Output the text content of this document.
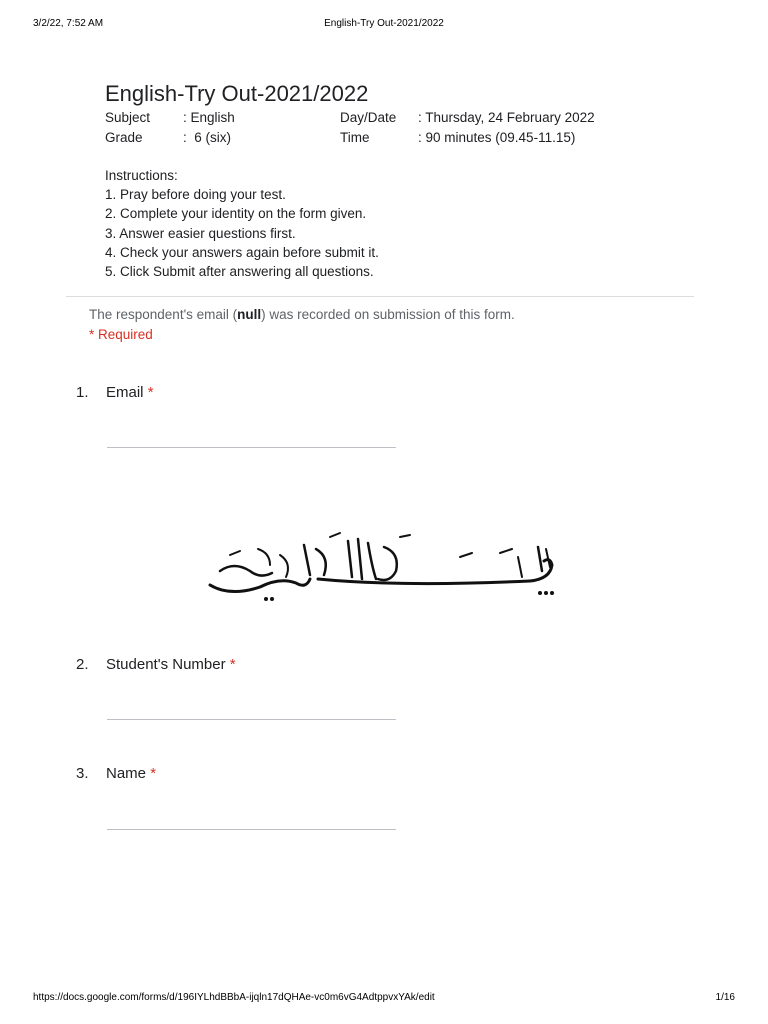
3/2/22, 7:52 AM	English-Try Out-2021/2022
English-Try Out-2021/2022
Subject : English
Grade	:  6 (six)
Day/Date : Thursday, 24 February 2022
Time	: 90 minutes (09.45-11.15)
Instructions:
1. Pray before doing your test.
2. Complete your identity on the form given.
3. Answer easier questions first.
4. Check your answers again before submit it.
5. Click Submit after answering all questions.
The respondent's email (null) was recorded on submission of this form.
* Required
1. Email *
2. Student's Number *
3. Name *
https://docs.google.com/forms/d/196IYLhdBBbA-ijqln17dQHAe-vc0m6vG4AdtppvxYAk/edit	1/16
